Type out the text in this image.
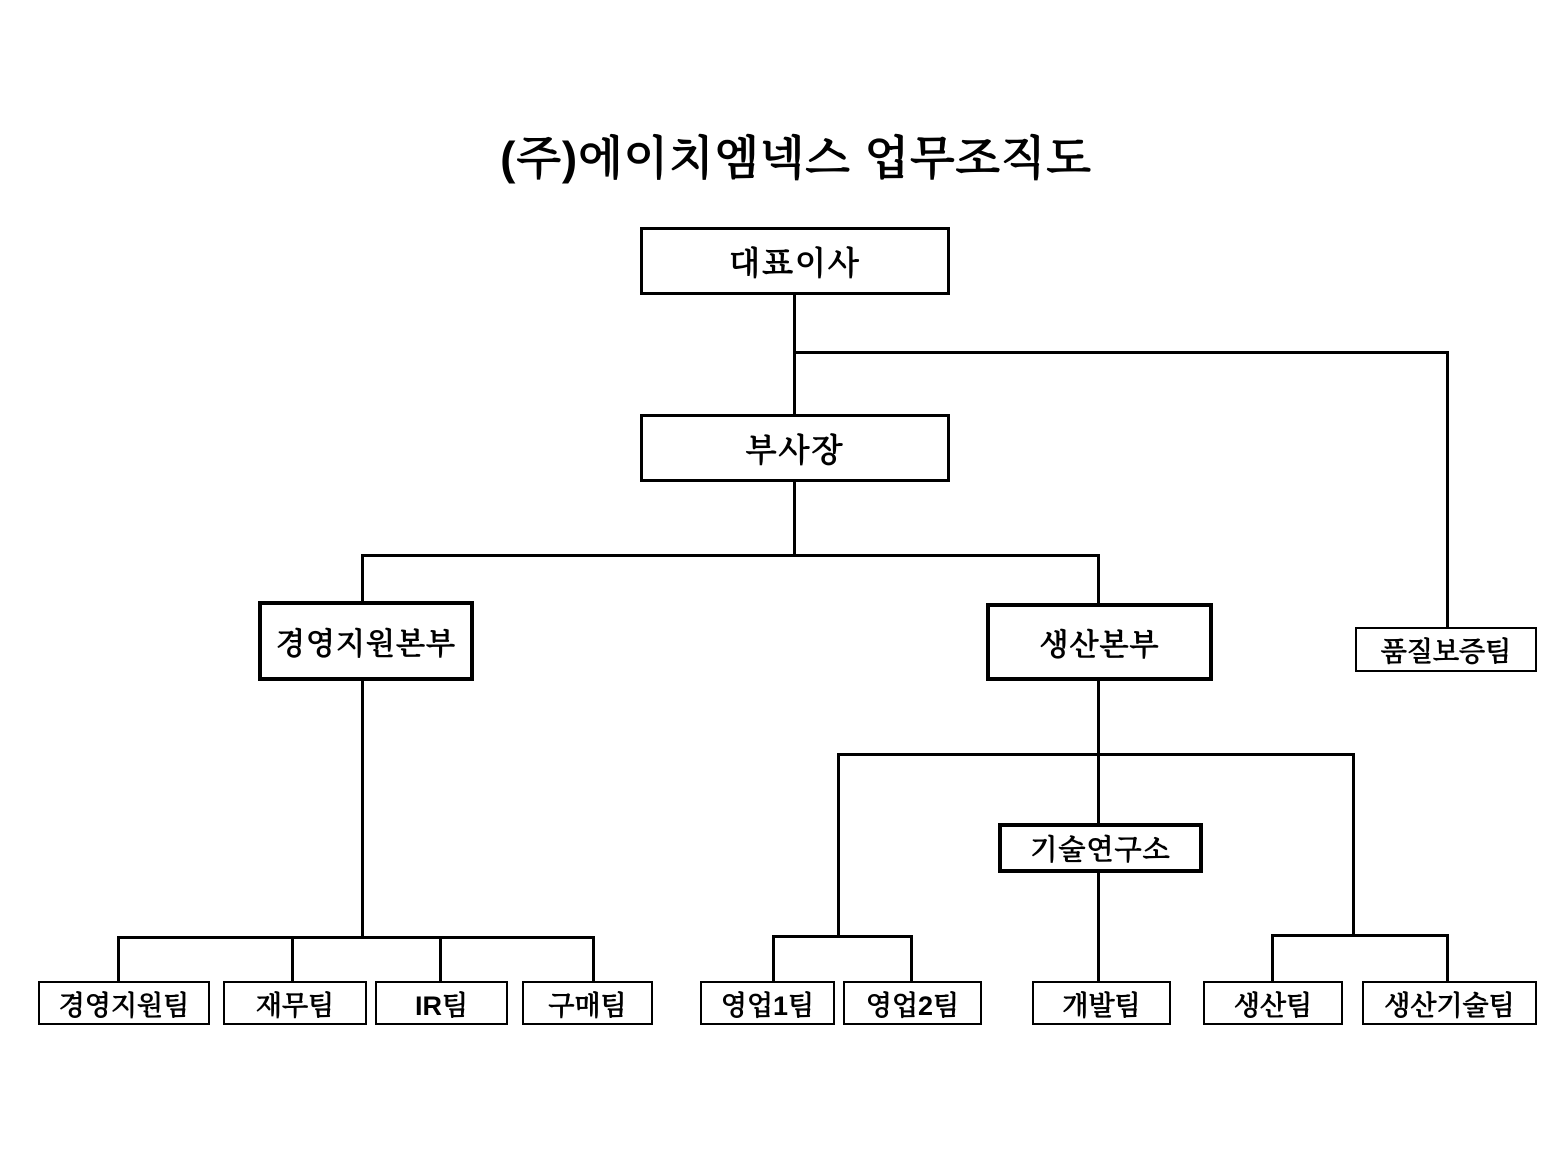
(주)에이치엠넥스 업무조직도
대표이사
부사장
경영지원본부	생산본부	품질보증팀
기술연구소
경영지원팀 재무팀	IR팀	구매팀	영업1팀 영업2팀	개발팀	생산팀	생산기술팀
